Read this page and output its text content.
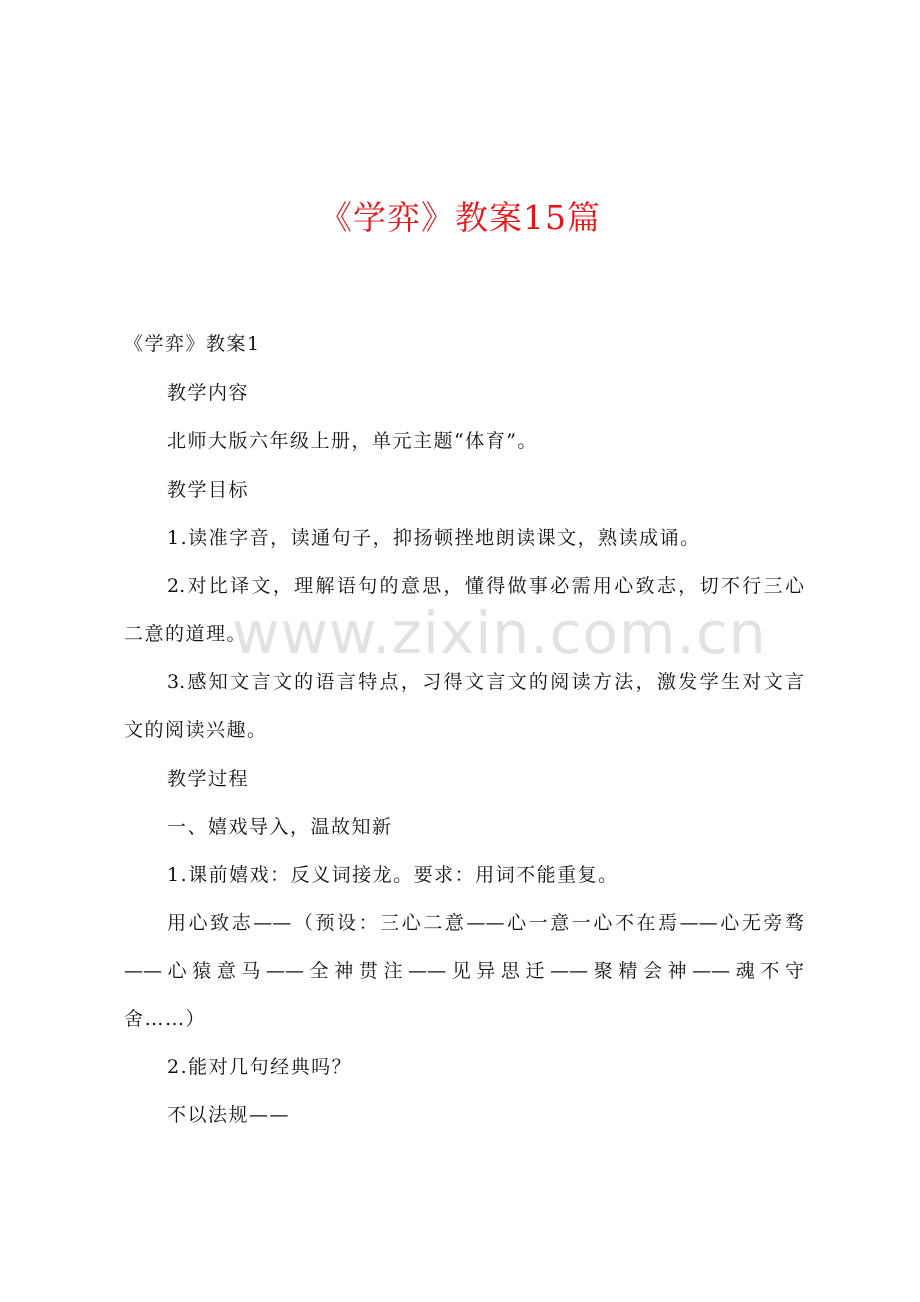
《学弈》教案15篇
《学弈》教案1
教学内容
北师大版六年级上册，单元主题“体育”。
教学目标
1.读准字音，读通句子，抑扬顿挫地朗读课文，熟读成诵。
2.对比译文，理解语句的意思，懂得做事必需用心致志，切不行三心
二意的道理。
3.感知文言文的语言特点，习得文言文的阅读方法，激发学生对文言
文的阅读兴趣。
教学过程
一、嬉戏导入，温故知新
1.课前嬉戏：反义词接龙。要求：用词不能重复。
用心致志——（预设：三心二意——心一意一心不在焉——心无旁骛
——心猿意马——全神贯注——见异思迁——聚精会神——魂不守
舍……）
2.能对几句经典吗？
不以法规——
www.zixin.com.cn
